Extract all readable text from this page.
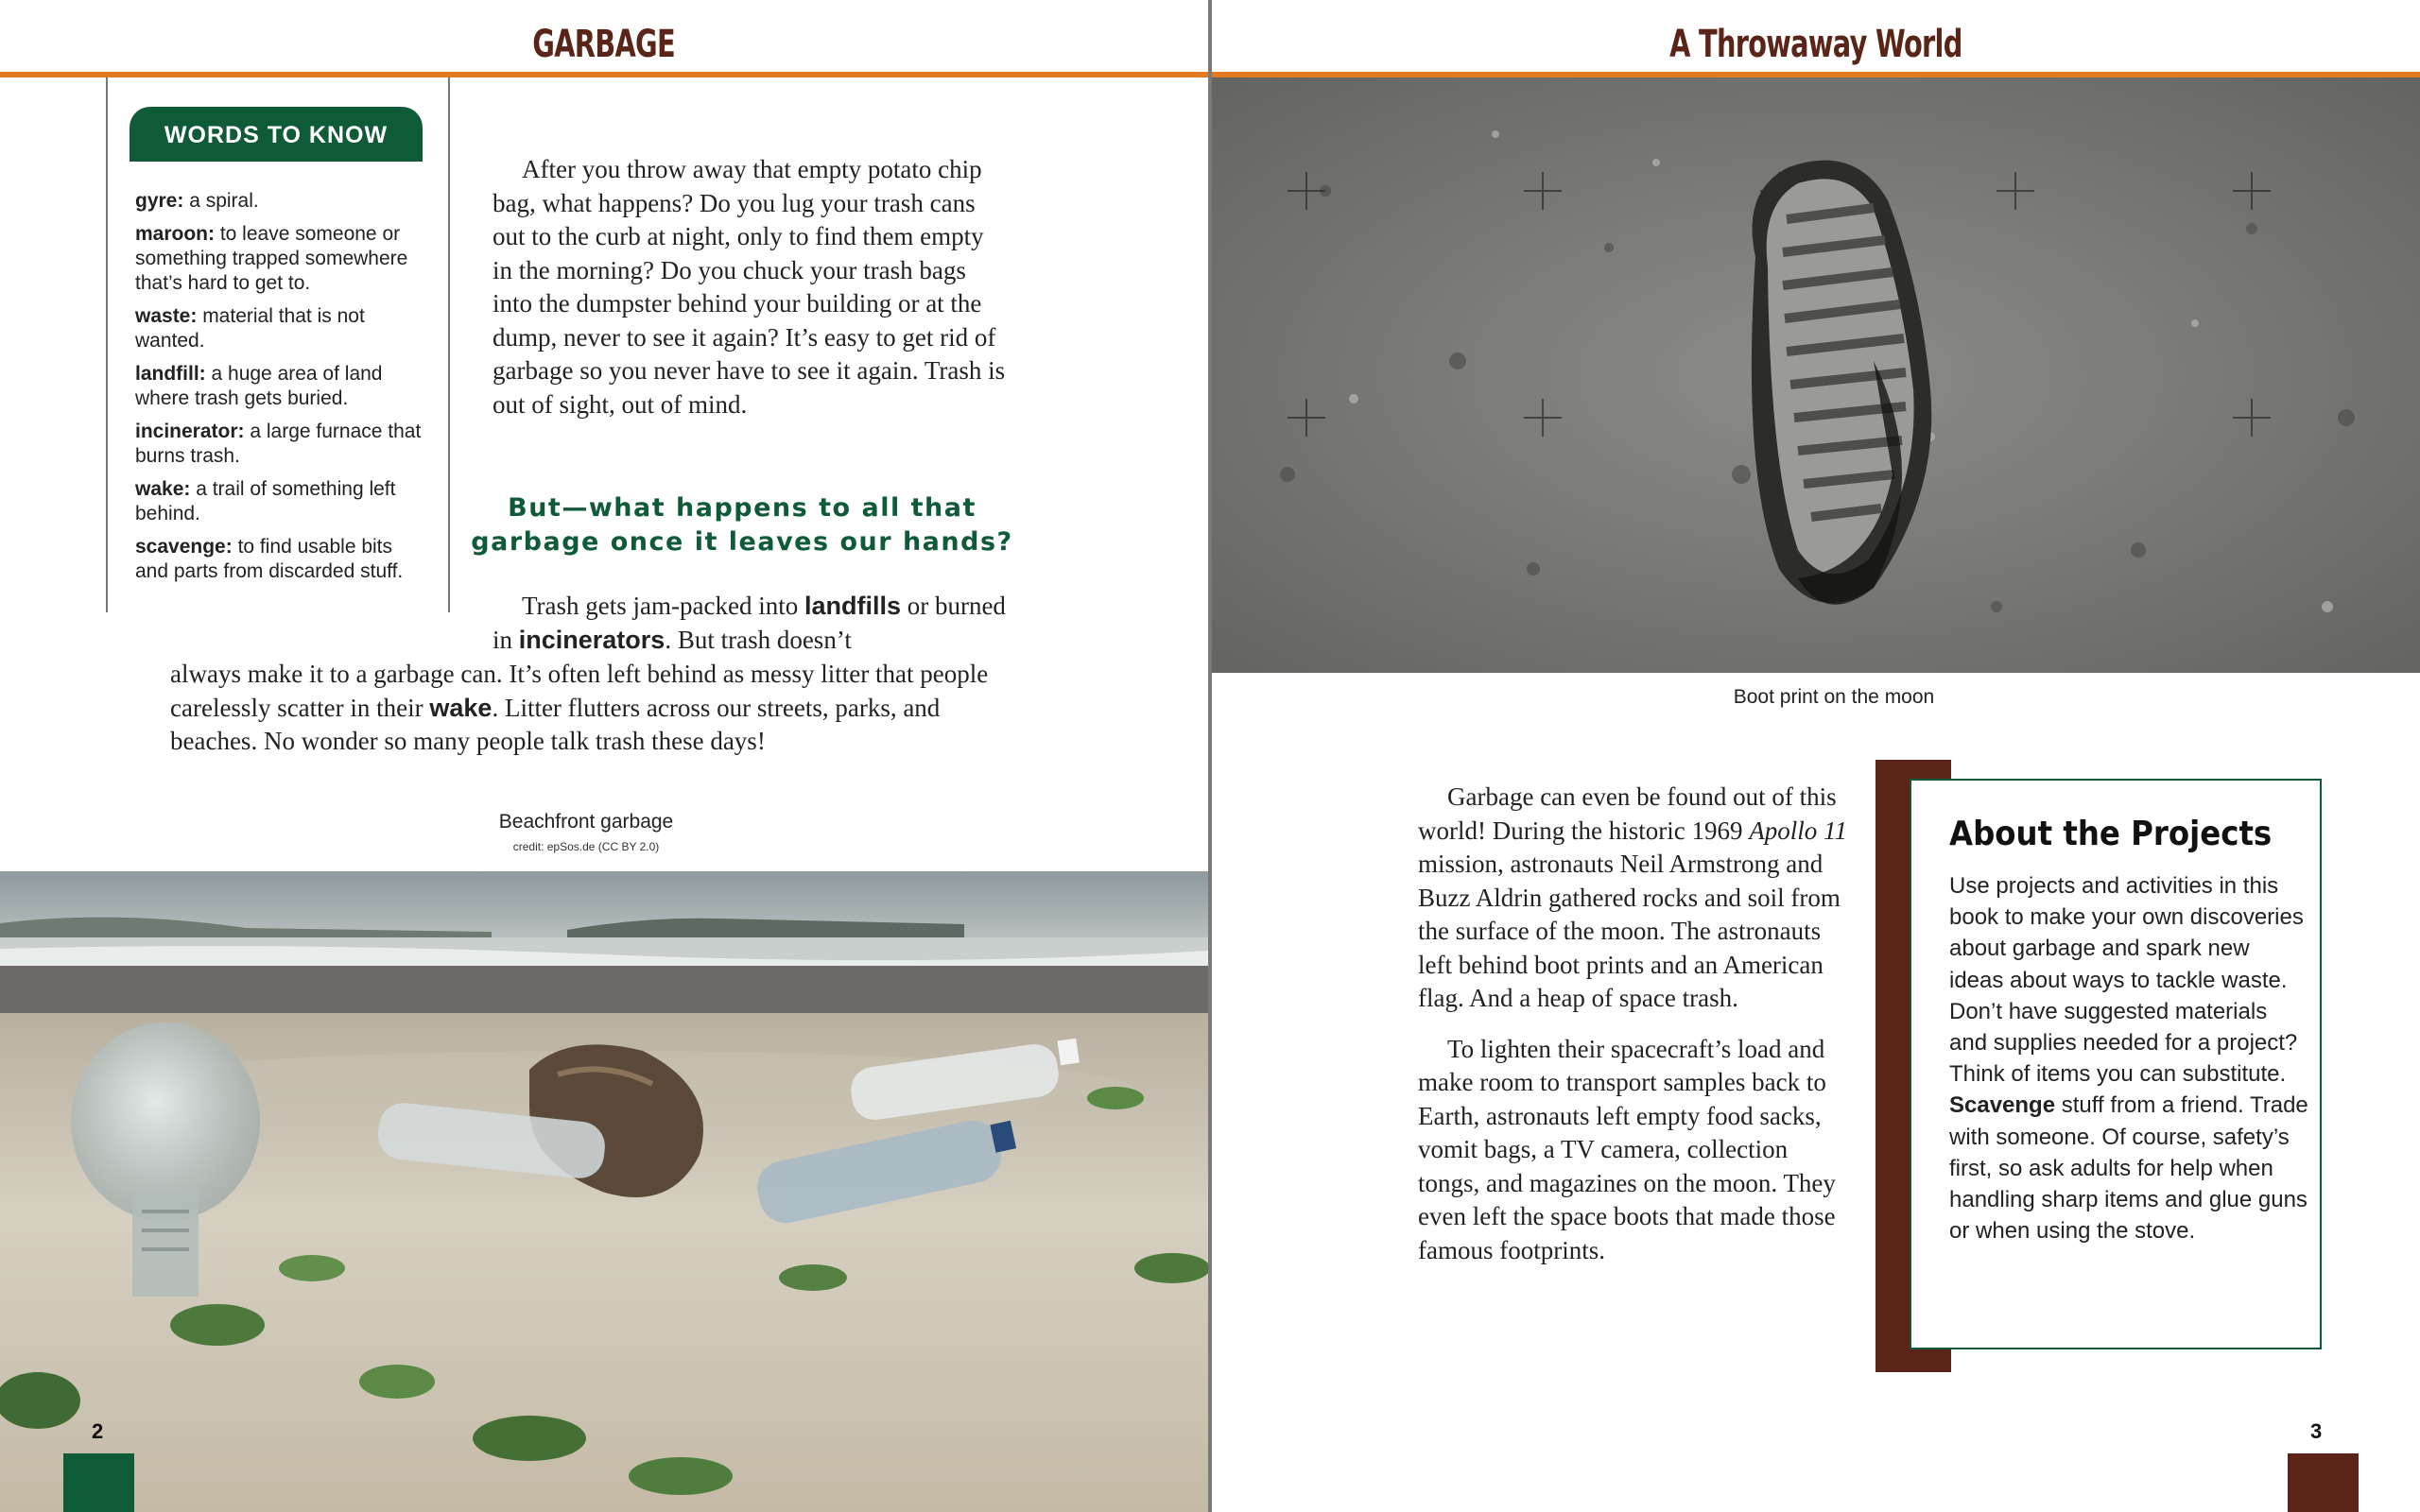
GARBAGE
WORDS TO KNOW

gyre: a spiral.

maroon: to leave someone or something trapped somewhere that’s hard to get to.

waste: material that is not wanted.

landfill: a huge area of land where trash gets buried.

incinerator: a large furnace that burns trash.

wake: a trail of something left behind.

scavenge: to find usable bits and parts from discarded stuff.

After you throw away that empty potato chip bag, what happens? Do you lug your trash cans out to the curb at night, only to find them empty in the morning? Do you chuck your trash bags into the dumpster behind your building or at the dump, never to see it again? It’s easy to get rid of garbage so you never have to see it again. Trash is out of sight, out of mind.

But—what happens to all that garbage once it leaves our hands?

Trash gets jam-packed into landfills or burned in incinerators. But trash doesn’t

always make it to a garbage can. It’s often left behind as messy litter that people carelessly scatter in their wake. Litter flutters across our streets, parks, and beaches. No wonder so many people talk trash these days!

Beachfront garbage
credit: epSos.de (CC BY 2.0)
2
A Throwaway World
Boot print on the moon

Garbage can even be found out of this world! During the historic 1969 Apollo 11 mission, astronauts Neil Armstrong and Buzz Aldrin gathered rocks and soil from the surface of the moon. The astronauts left behind boot prints and an American flag. And a heap of space trash.

To lighten their spacecraft’s load and make room to transport samples back to Earth, astronauts left empty food sacks, vomit bags, a TV camera, collection tongs, and magazines on the moon. They even left the space boots that made those famous footprints.

About the Projects

Use projects and activities in this book to make your own discoveries about garbage and spark new ideas about ways to tackle waste. Don’t have suggested materials and supplies needed for a project? Think of items you can substitute. Scavenge stuff from a friend. Trade with someone. Of course, safety’s first, so ask adults for help when handling sharp items and glue guns or when using the stove.

3
